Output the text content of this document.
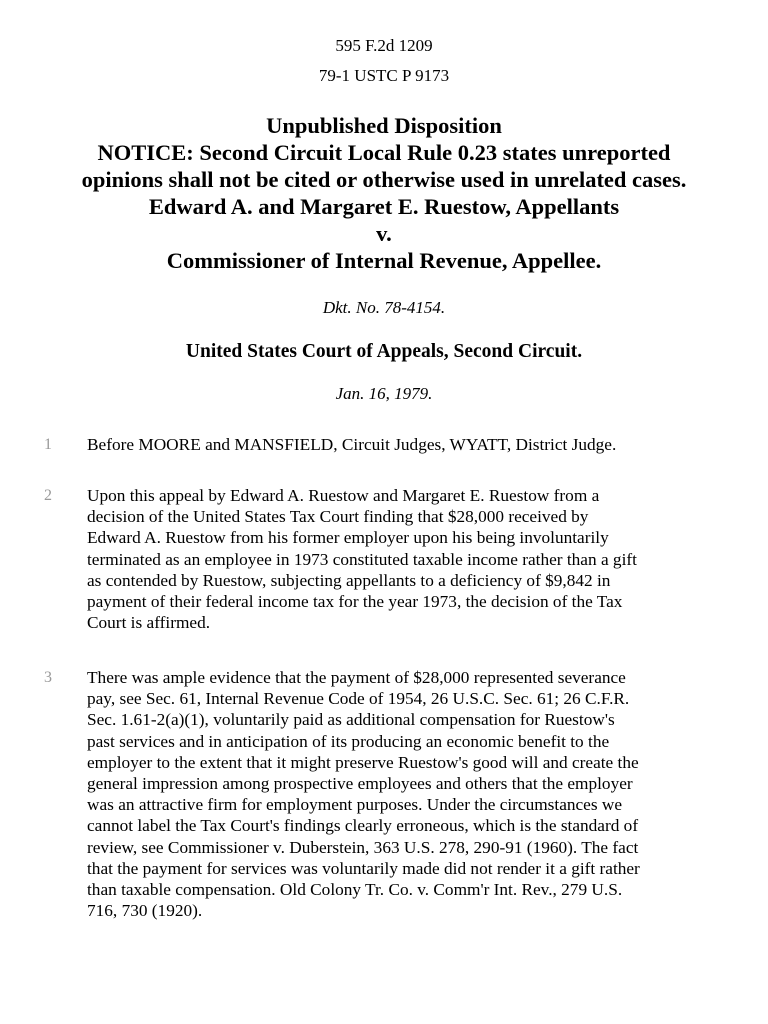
595 F.2d 1209
79-1 USTC P 9173
Unpublished Disposition
NOTICE: Second Circuit Local Rule 0.23 states unreported
opinions shall not be cited or otherwise used in unrelated cases.
Edward A. and Margaret E. Ruestow, Appellants
v.
Commissioner of Internal Revenue, Appellee.
Dkt. No. 78-4154.
United States Court of Appeals, Second Circuit.
Jan. 16, 1979.
1	Before MOORE and MANSFIELD, Circuit Judges, WYATT, District Judge.
2	Upon this appeal by Edward A. Ruestow and Margaret E. Ruestow from a
decision of the United States Tax Court finding that $28,000 received by
Edward A. Ruestow from his former employer upon his being involuntarily
terminated as an employee in 1973 constituted taxable income rather than a gift
as contended by Ruestow, subjecting appellants to a deficiency of $9,842 in
payment of their federal income tax for the year 1973, the decision of the Tax
Court is affirmed.
3	There was ample evidence that the payment of $28,000 represented severance
pay, see Sec. 61, Internal Revenue Code of 1954, 26 U.S.C. Sec. 61; 26 C.F.R.
Sec. 1.61-2(a)(1), voluntarily paid as additional compensation for Ruestow's
past services and in anticipation of its producing an economic benefit to the
employer to the extent that it might preserve Ruestow's good will and create the
general impression among prospective employees and others that the employer
was an attractive firm for employment purposes. Under the circumstances we
cannot label the Tax Court's findings clearly erroneous, which is the standard of
review, see Commissioner v. Duberstein, 363 U.S. 278, 290-91 (1960). The fact
that the payment for services was voluntarily made did not render it a gift rather
than taxable compensation. Old Colony Tr. Co. v. Comm'r Int. Rev., 279 U.S.
716, 730 (1920).
